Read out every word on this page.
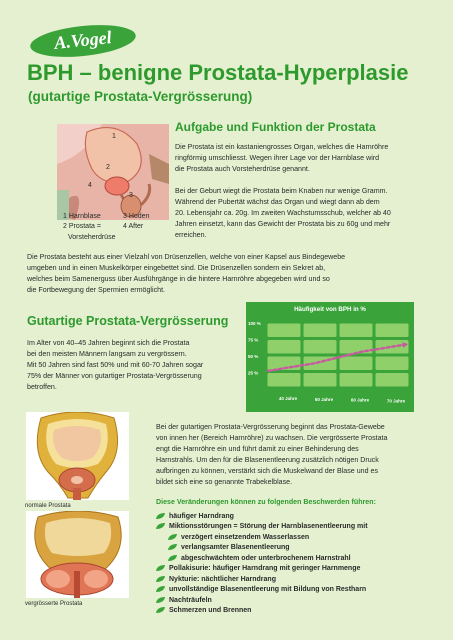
A.Vogel
BPH – benigne Prostata-Hyperplasie
(gutartige Prostata-Vergrösserung)
1
2
3
4
1 Harnblase
2 Prostata =
Vorsteherdrüse
3 Hoden
4 After
Aufgabe und Funktion der Prostata
Die Prostata ist ein kastaniengrosses Organ, welches die Harnröhre
ringförmig umschliesst. Wegen ihrer Lage vor der Harnblase wird
die Prostata auch Vorsteherdrüse genannt.
Bei der Geburt wiegt die Prostata beim Knaben nur wenige Gramm.
Während der Pubertät wächst das Organ und wiegt dann ab dem
20. Lebensjahr ca. 20g. Im zweiten Wachstumsschub, welcher ab 40
Jahren einsetzt, kann das Gewicht der Prostata bis zu 60g und mehr
erreichen.
Die Prostata besteht aus einer Vielzahl von Drüsenzellen, welche von einer Kapsel aus Bindegewebe
umgeben und in einen Muskelkörper eingebettet sind. Die Drüsenzellen sondern ein Sekret ab,
welches beim Samenerguss über Ausführgänge in die hintere Harnröhre abgegeben wird und so
die Fortbewegung der Spermien ermöglicht.
Gutartige Prostata-Vergrösserung
Im Alter von 40–45 Jahren beginnt sich die Prostata
bei den meisten Männern langsam zu vergrössern.
Mit 50 Jahren sind fast 50% und mit 60-70 Jahren sogar
75% der Männer von gutartiger Prostata-Vergrösserung
betroffen.
Häufigkeit von BPH in %
100 %
75 %
50 %
25 %
40 Jahre	50 Jahre	60 Jahre	70 Jahre
Bei der gutartigen Prostata-Vergrösserung beginnt das Prostata-Gewebe
von innen her (Bereich Harnröhre) zu wachsen. Die vergrösserte Prostata
engt die Harnröhre ein und führt damit zu einer Behinderung des
Harnstrahls. Um den für die Blasenentleerung zusätzlich nötigen Druck
aufbringen zu können, verstärkt sich die Muskelwand der Blase und es
bildet sich eine so genannte Trabekelblase.
Diese Veränderungen können zu folgenden Beschwerden führen:
normale Prostata
vergrösserte Prostata
häufiger Harndrang
Miktionsstörungen = Störung der Harnblasenentleerung mit
verzögert einsetzendem Wasserlassen
verlangsamter Blasenentleerung
abgeschwächtem oder unterbrochenem Harnstrahl
Pollakisurie: häufiger Harndrang mit geringer Harnmenge
Nykturie: nächtlicher Harndrang
unvollständige Blasenentleerung mit Bildung von Restharn
Nachträufeln
Schmerzen und Brennen
